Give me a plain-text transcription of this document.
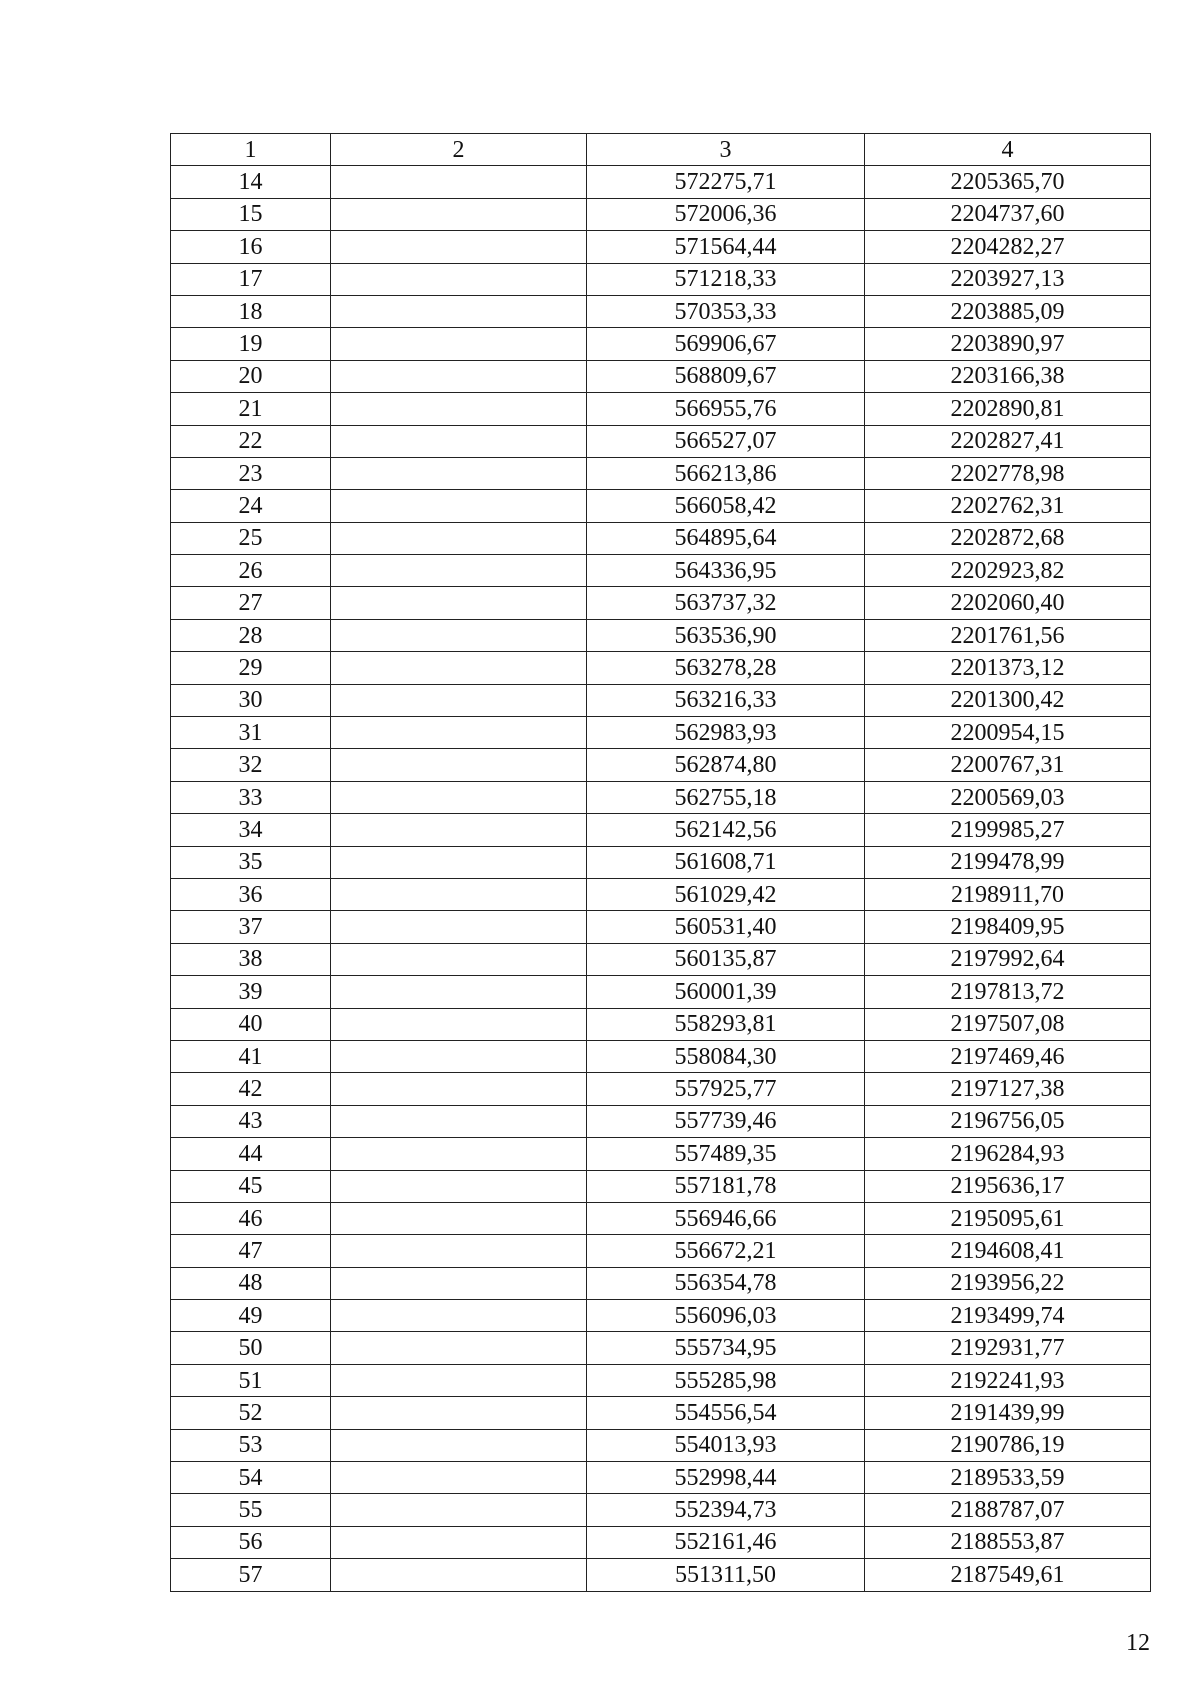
1	2	3	4
14		572275,71	2205365,70
15		572006,36	2204737,60
16		571564,44	2204282,27
17		571218,33	2203927,13
18		570353,33	2203885,09
19		569906,67	2203890,97
20		568809,67	2203166,38
21		566955,76	2202890,81
22		566527,07	2202827,41
23		566213,86	2202778,98
24		566058,42	2202762,31
25		564895,64	2202872,68
26		564336,95	2202923,82
27		563737,32	2202060,40
28		563536,90	2201761,56
29		563278,28	2201373,12
30		563216,33	2201300,42
31		562983,93	2200954,15
32		562874,80	2200767,31
33		562755,18	2200569,03
34		562142,56	2199985,27
35		561608,71	2199478,99
36		561029,42	2198911,70
37		560531,40	2198409,95
38		560135,87	2197992,64
39		560001,39	2197813,72
40		558293,81	2197507,08
41		558084,30	2197469,46
42		557925,77	2197127,38
43		557739,46	2196756,05
44		557489,35	2196284,93
45		557181,78	2195636,17
46		556946,66	2195095,61
47		556672,21	2194608,41
48		556354,78	2193956,22
49		556096,03	2193499,74
50		555734,95	2192931,77
51		555285,98	2192241,93
52		554556,54	2191439,99
53		554013,93	2190786,19
54		552998,44	2189533,59
55		552394,73	2188787,07
56		552161,46	2188553,87
57		551311,50	2187549,61
12
